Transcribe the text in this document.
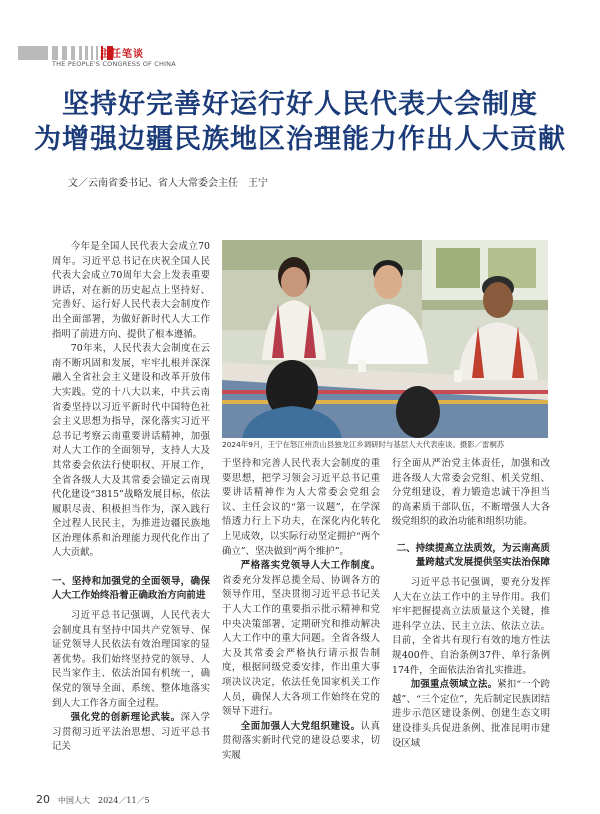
主任笔谈
THE PEOPLE'S CONGRESS OF CHINA
坚持好完善好运行好人民代表大会制度
为增强边疆民族地区治理能力作出人大贡献
文／云南省委书记、省人大常委会主任　王宁

今年是全国人民代表大会成立70周年。习近平总书记在庆祝全国人民代表大会成立70周年大会上发表重要讲话，对在新的历史起点上坚持好、完善好、运行好人民代表大会制度作出全面部署，为做好新时代人大工作指明了前进方向、提供了根本遵循。

70年来，人民代表大会制度在云南不断巩固和发展，牢牢扎根并深深融入全省社会主义建设和改革开放伟大实践。党的十八大以来，中共云南省委坚持以习近平新时代中国特色社会主义思想为指导，深化落实习近平总书记考察云南重要讲话精神，加强对人大工作的全面领导，支持人大及其常委会依法行使职权、开展工作，全省各级人大及其常委会锚定云南现代化建设“3815”战略发展目标，依法履职尽责、积极担当作为，深入践行全过程人民民主，为推进边疆民族地区治理体系和治理能力现代化作出了人大贡献。

一、坚持和加强党的全面领导，确保人大工作始终沿着正确政治方向前进

习近平总书记强调，人民代表大会制度具有坚持中国共产党领导、保证党领导人民依法有效治理国家的显著优势。我们始终坚持党的领导、人民当家作主、依法治国有机统一，确保党的领导全面、系统、整体地落实到人大工作各方面全过程。

强化党的创新理论武装。深入学习贯彻习近平法治思想、习近平总书记关

2024年9月，王宁在怒江州贡山县独龙江乡调研时与基层人大代表座谈。摄影／雷桐苏

于坚持和完善人民代表大会制度的重要思想，把学习领会习近平总书记重要讲话精神作为人大常委会党组会议、主任会议的“第一议题”，在学深悟透力行上下功夫，在深化内化转化上见成效，以实际行动坚定拥护“两个确立”、坚决做到“两个维护”。

严格落实党领导人大工作制度。省委充分发挥总揽全局、协调各方的领导作用，坚决贯彻习近平总书记关于人大工作的重要指示批示精神和党中央决策部署，定期研究和推动解决人大工作中的重大问题。全省各级人大及其常委会严格执行请示报告制度，根据同级党委安排，作出重大事项决议决定，依法任免国家机关工作人员，确保人大各项工作始终在党的领导下进行。

全面加强人大党组织建设。认真贯彻落实新时代党的建设总要求，切实履

行全面从严治党主体责任，加强和改进各级人大常委会党组、机关党组、分党组建设，着力锻造忠诚干净担当的高素质干部队伍，不断增强人大各级党组织的政治功能和组织功能。

二、持续提高立法质效，为云南高质量跨越式发展提供坚实法治保障

习近平总书记强调，要充分发挥人大在立法工作中的主导作用。我们牢牢把握提高立法质量这个关键，推进科学立法、民主立法、依法立法。目前，全省共有现行有效的地方性法规400件、自治条例37件、单行条例174件，全面依法治省扎实推进。

加强重点领域立法。紧扣“一个跨越”、“三个定位”，先后制定民族团结进步示范区建设条例、创建生态文明建设排头兵促进条例、批准昆明市建设区域

20 中国人大　2024／11／5
